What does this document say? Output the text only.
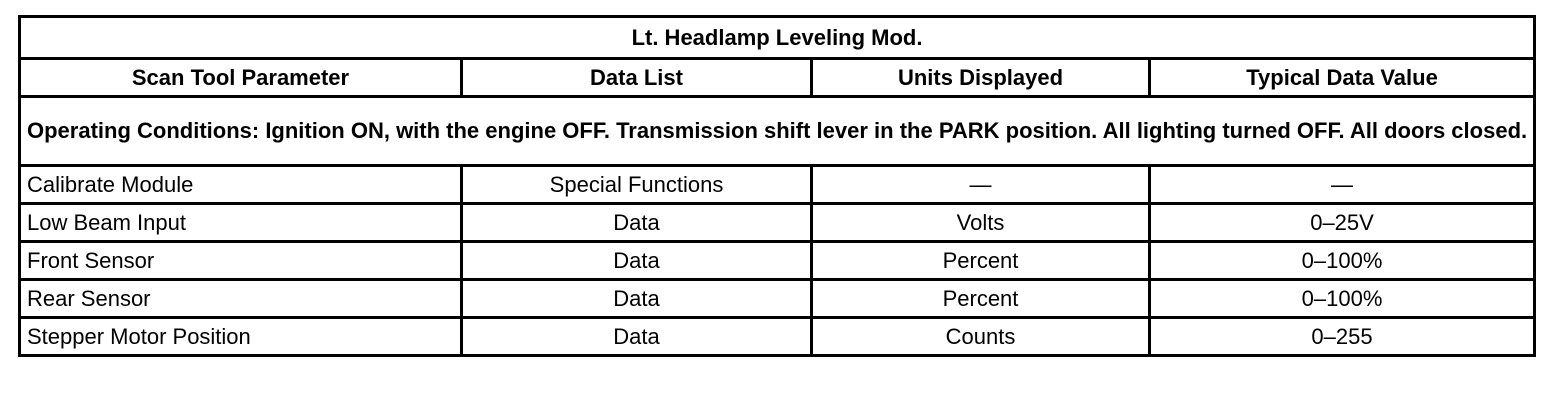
Lt. Headlamp Leveling Mod.			
Scan Tool Parameter	Data List	Units Displayed	Typical Data Value
Operating Conditions: Ignition ON, with the engine OFF. Transmission shift lever in the PARK position. All lighting turned OFF. All doors closed.			
Calibrate Module	Special Functions	—	—
Low Beam Input	Data	Volts	0–25V
Front Sensor	Data	Percent	0–100%
Rear Sensor	Data	Percent	0–100%
Stepper Motor Position	Data	Counts	0–255
